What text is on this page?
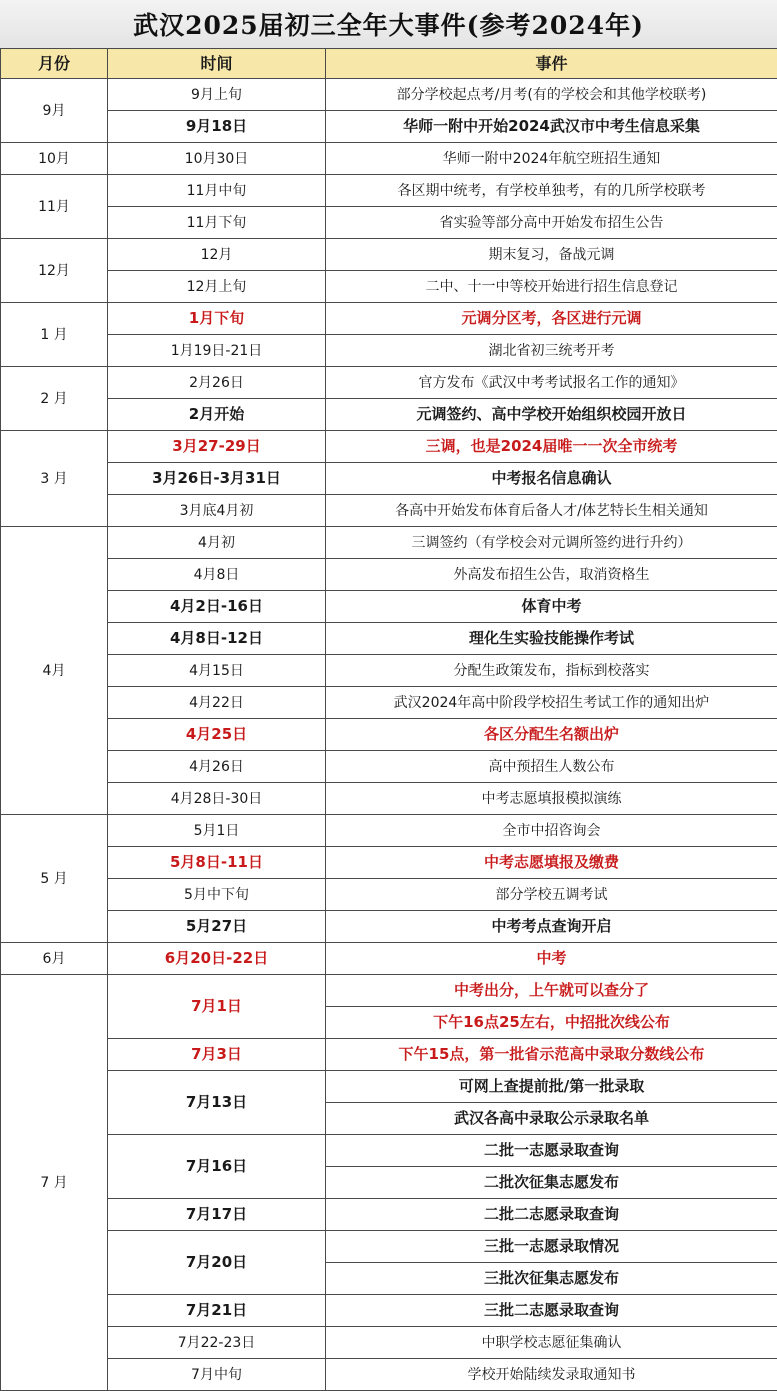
武汉2025届初三全年大事件(参考2024年)
月份	时间	事件
9月	9月上旬	部分学校起点考/月考(有的学校会和其他学校联考)
	9月18日	华师一附中开始2024武汉市中考生信息采集
10月	10月30日	华师一附中2024年航空班招生通知
11月	11月中旬	各区期中统考，有学校单独考，有的几所学校联考
	11月下旬	省实验等部分高中开始发布招生公告
12月	12月	期末复习，备战元调
	12月上旬	二中、十一中等校开始进行招生信息登记
1 月	1月下旬	元调分区考，各区进行元调
	1月19日-21日	湖北省初三统考开考
2 月	2月26日	官方发布《武汉中考考试报名工作的通知》
	2月开始	元调签约、高中学校开始组织校园开放日
3 月	3月27-29日	三调，也是2024届唯一一次全市统考
	3月26日-3月31日	中考报名信息确认
	3月底4月初	各高中开始发布体育后备人才/体艺特长生相关通知
4月	4月初	三调签约（有学校会对元调所签约进行升约）
	4月8日	外高发布招生公告，取消资格生
	4月2日-16日	体育中考
	4月8日-12日	理化生实验技能操作考试
	4月15日	分配生政策发布，指标到校落实
	4月22日	武汉2024年高中阶段学校招生考试工作的通知出炉
	4月25日	各区分配生名额出炉
	4月26日	高中预招生人数公布
	4月28日-30日	中考志愿填报模拟演练
5 月	5月1日	全市中招咨询会
	5月8日-11日	中考志愿填报及缴费
	5月中下旬	部分学校五调考试
	5月27日	中考考点查询开启
6月	6月20日-22日	中考
7 月	7月1日	中考出分，上午就可以查分了
		下午16点25左右，中招批次线公布
	7月3日	下午15点，第一批省示范高中录取分数线公布
	7月13日	可网上查提前批/第一批录取
		武汉各高中录取公示录取名单
	7月16日	二批一志愿录取查询
		二批次征集志愿发布
	7月17日	二批二志愿录取查询
	7月20日	三批一志愿录取情况
		三批次征集志愿发布
	7月21日	三批二志愿录取查询
	7月22-23日	中职学校志愿征集确认
	7月中旬	学校开始陆续发录取通知书
